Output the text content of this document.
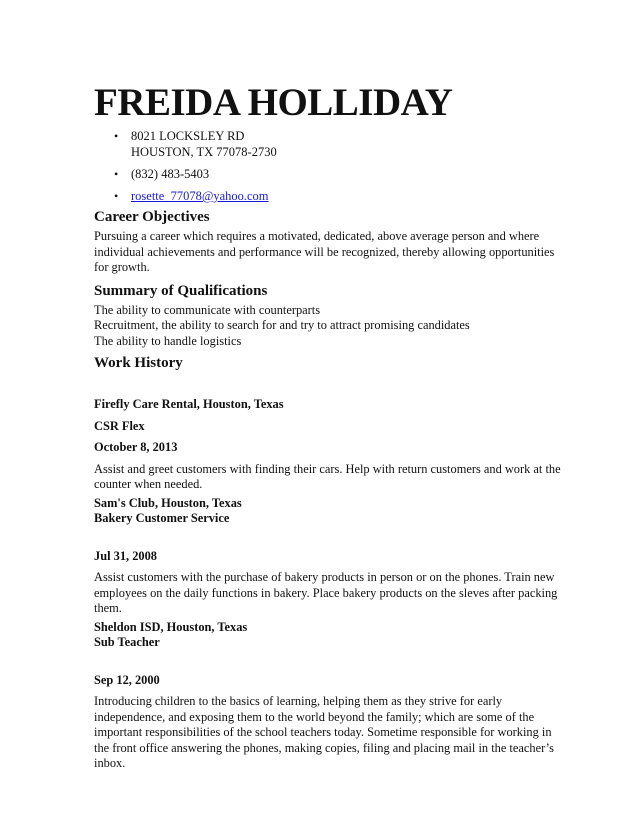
FREIDA HOLLIDAY
• 8021 LOCKSLEY RD
HOUSTON, TX 77078-2730
• (832) 483-5403
• rosette_77078@yahoo.com
Career Objectives

Pursuing a career which requires a motivated, dedicated, above average person and where individual achievements and performance will be recognized, thereby allowing opportunities for growth.

Summary of Qualifications
The ability to communicate with counterparts
Recruitment, the ability to search for and try to attract promising candidates
The ability to handle logistics
Work History

Firefly Care Rental, Houston, Texas

CSR Flex

October 8, 2013

Assist and greet customers with finding their cars. Help with return customers and work at the counter when needed.

Sam's Club, Houston, Texas

Bakery Customer Service

Jul 31, 2008

Assist customers with the purchase of bakery products in person or on the phones. Train new employees on the daily functions in bakery. Place bakery products on the sleves after packing them.

Sheldon ISD, Houston, Texas

Sub Teacher

Sep 12, 2000

Introducing children to the basics of learning, helping them as they strive for early independence, and exposing them to the world beyond the family; which are some of the important responsibilities of the school teachers today. Sometime responsible for working in the front office answering the phones, making copies, filing and placing mail in the teacher’s inbox.
